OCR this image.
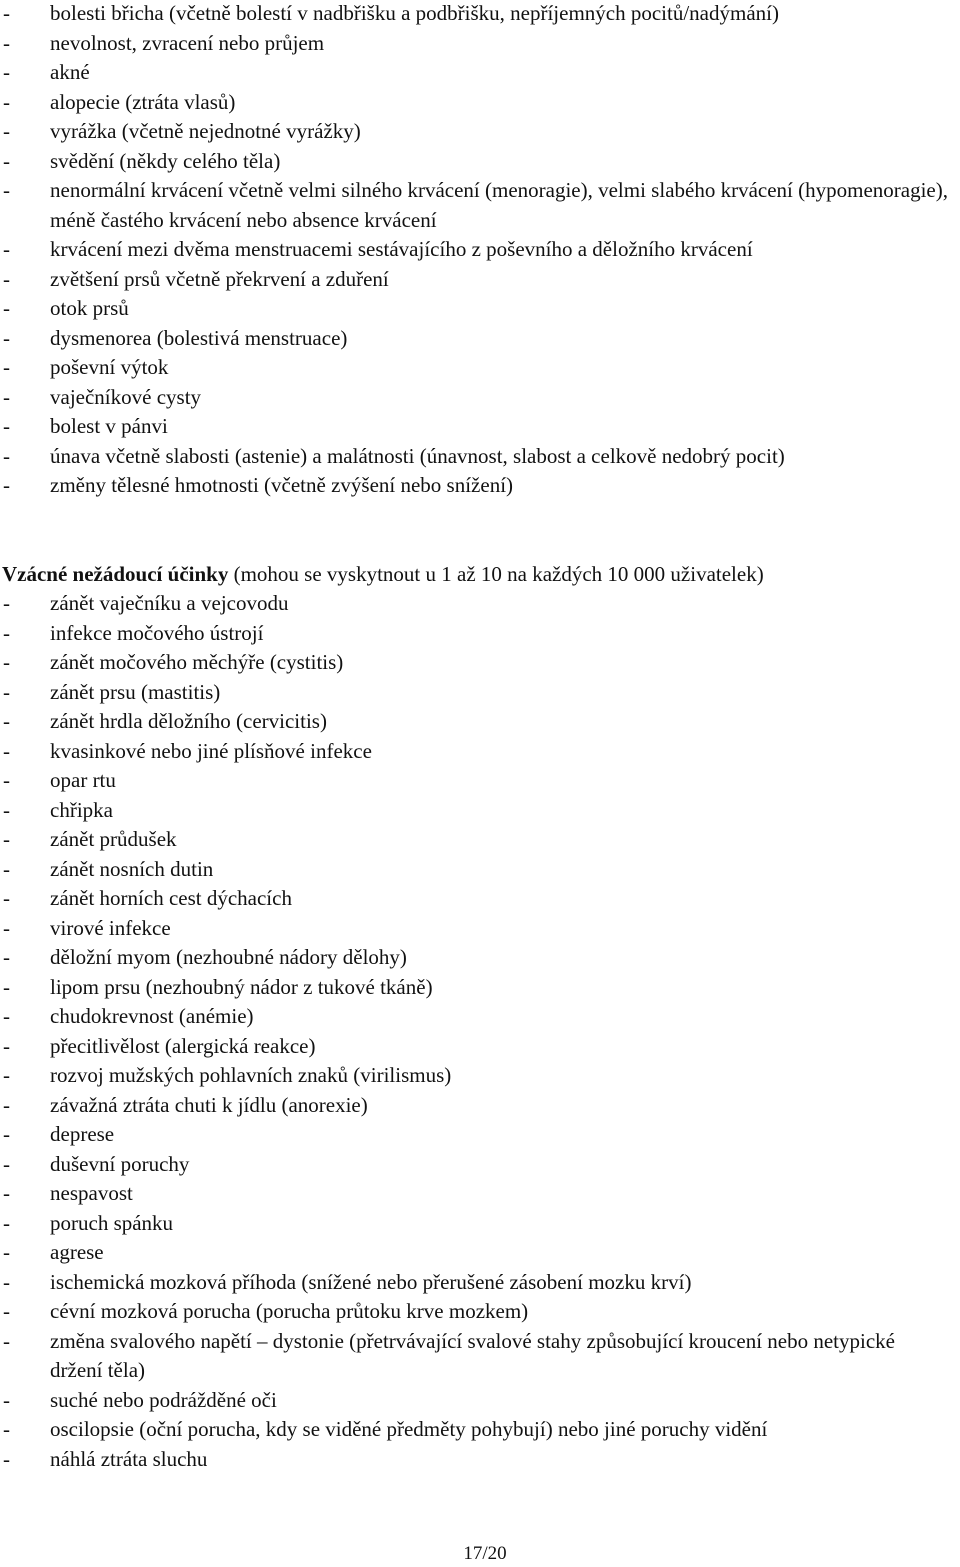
-	bolesti břicha (včetně bolestí v nadbřišku a podbřišku, nepříjemných pocitů/nadýmání)
-	nevolnost, zvracení nebo průjem
-	akné
-	alopecie (ztráta vlasů)
-	vyrážka (včetně nejednotné vyrážky)
-	svědění (někdy celého těla)
-	nenormální krvácení včetně velmi silného krvácení (menoragie), velmi slabého krvácení (hypomenoragie), méně častého krvácení nebo absence krvácení
-	krvácení mezi dvěma menstruacemi sestávajícího z poševního a děložního krvácení
-	zvětšení prsů včetně překrvení a zduření
-	otok prsů
-	dysmenorea (bolestivá menstruace)
-	poševní výtok
-	vaječníkové cysty
-	bolest v pánvi
-	únava včetně slabosti (astenie) a malátnosti (únavnost, slabost a celkově nedobrý pocit)
-	změny tělesné hmotnosti (včetně zvýšení nebo snížení)
Vzácné nežádoucí účinky (mohou se vyskytnout u 1 až 10 na každých 10 000 uživatelek)
-	zánět vaječníku a vejcovodu
-	infekce močového ústrojí
-	zánět močového měchýře (cystitis)
-	zánět prsu (mastitis)
-	zánět hrdla děložního (cervicitis)
-	kvasinkové nebo jiné plísňové infekce
-	opar rtu
-	chřipka
-	zánět průdušek
-	zánět nosních dutin
-	zánět horních cest dýchacích
-	virové infekce
-	děložní myom (nezhoubné nádory dělohy)
-	lipom prsu (nezhoubný nádor z tukové tkáně)
-	chudokrevnost (anémie)
-	přecitlivělost (alergická reakce)
-	rozvoj mužských pohlavních znaků (virilismus)
-	závažná ztráta chuti k jídlu (anorexie)
-	deprese
-	duševní poruchy
-	nespavost
-	poruch spánku
-	agrese
-	ischemická mozková příhoda (snížené nebo přerušené zásobení mozku krví)
-	cévní mozková porucha (porucha průtoku krve mozkem)
-	změna svalového napětí – dystonie (přetrvávající svalové stahy způsobující kroucení nebo netypické držení těla)
-	suché nebo podrážděné oči
-	oscilopsie (oční porucha, kdy se viděné předměty pohybují) nebo jiné poruchy vidění
-	náhlá ztráta sluchu
17/20
